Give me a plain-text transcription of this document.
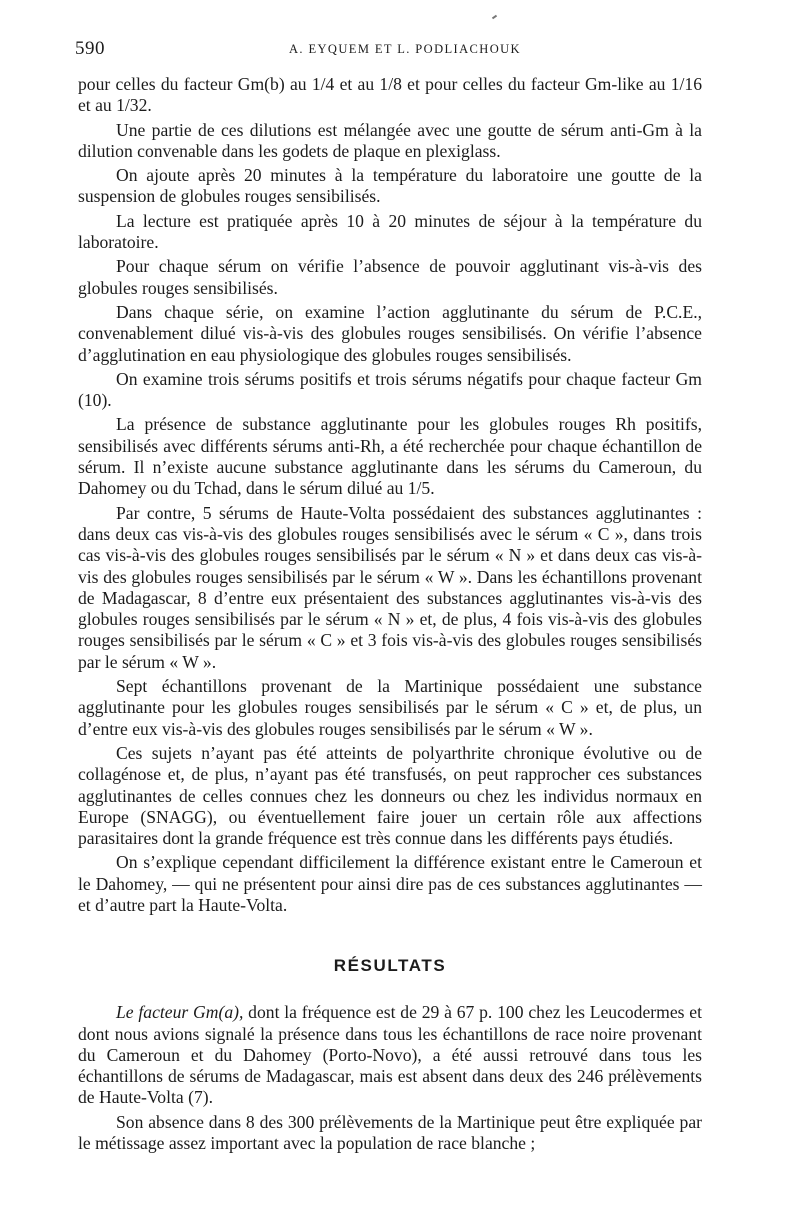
590	A. EYQUEM ET L. PODLIACHOUK

pour celles du facteur Gm(b) au 1/4 et au 1/8 et pour celles du facteur Gm-like au 1/16 et au 1/32.

Une partie de ces dilutions est mélangée avec une goutte de sérum anti-Gm à la dilution convenable dans les godets de plaque en plexiglass.

On ajoute après 20 minutes à la température du laboratoire une goutte de la suspension de globules rouges sensibilisés.

La lecture est pratiquée après 10 à 20 minutes de séjour à la température du laboratoire.

Pour chaque sérum on vérifie l’absence de pouvoir agglutinant vis-à-vis des globules rouges sensibilisés.

Dans chaque série, on examine l’action agglutinante du sérum de P.C.E., convenablement dilué vis-à-vis des globules rouges sensibilisés. On vérifie l’absence d’agglutination en eau physiologique des globules rouges sensibilisés.

On examine trois sérums positifs et trois sérums négatifs pour chaque facteur Gm (10).

La présence de substance agglutinante pour les globules rouges Rh positifs, sensibilisés avec différents sérums anti-Rh, a été recherchée pour chaque échantillon de sérum. Il n’existe aucune substance agglutinante dans les sérums du Cameroun, du Dahomey ou du Tchad, dans le sérum dilué au 1/5.

Par contre, 5 sérums de Haute-Volta possédaient des substances agglutinantes : dans deux cas vis-à-vis des globules rouges sensibilisés avec le sérum « C », dans trois cas vis-à-vis des globules rouges sensibilisés par le sérum « N » et dans deux cas vis-à-vis des globules rouges sensibilisés par le sérum « W ». Dans les échantillons provenant de Madagascar, 8 d’entre eux présentaient des substances agglutinantes vis-à-vis des globules rouges sensibilisés par le sérum « N » et, de plus, 4 fois vis-à-vis des globules rouges sensibilisés par le sérum « C » et 3 fois vis-à-vis des globules rouges sensibilisés par le sérum « W ».

Sept échantillons provenant de la Martinique possédaient une substance agglutinante pour les globules rouges sensibilisés par le sérum « C » et, de plus, un d’entre eux vis-à-vis des globules rouges sensibilisés par le sérum « W ».

Ces sujets n’ayant pas été atteints de polyarthrite chronique évolutive ou de collagénose et, de plus, n’ayant pas été transfusés, on peut rapprocher ces substances agglutinantes de celles connues chez les donneurs ou chez les individus normaux en Europe (SNAGG), ou éventuellement faire jouer un certain rôle aux affections parasitaires dont la grande fréquence est très connue dans les différents pays étudiés.

On s’explique cependant difficilement la différence existant entre le Cameroun et le Dahomey, — qui ne présentent pour ainsi dire pas de ces substances agglutinantes — et d’autre part la Haute-Volta.

RÉSULTATS

Le facteur Gm(a), dont la fréquence est de 29 à 67 p. 100 chez les Leucodermes et dont nous avions signalé la présence dans tous les échantillons de race noire provenant du Cameroun et du Dahomey (Porto-Novo), a été aussi retrouvé dans tous les échantillons de sérums de Madagascar, mais est absent dans deux des 246 prélèvements de Haute-Volta (7).

Son absence dans 8 des 300 prélèvements de la Martinique peut être expliquée par le métissage assez important avec la population de race blanche ;
